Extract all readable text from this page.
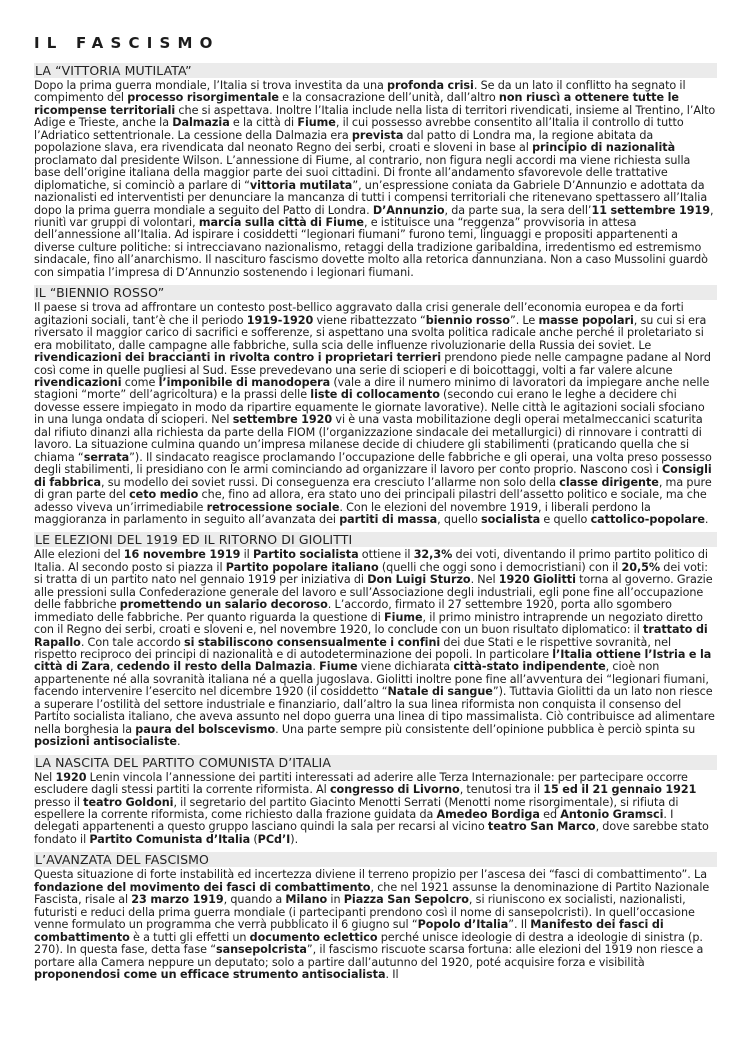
IL FASCISMO
LA “VITTORIA MUTILATA”
Dopo la prima guerra mondiale, l’Italia si trova investita da una profonda crisi. Se da un lato il conflitto ha segnato il compimento del processo risorgimentale e la consacrazione dell’unità, dall’altro non riuscì a ottenere tutte le ricompense territoriali che si aspettava. Inoltre l’Italia include nella lista di territori rivendicati, insieme al Trentino, l’Alto Adige e Trieste, anche la Dalmazia e la città di Fiume, il cui possesso avrebbe consentito all’Italia il controllo di tutto l’Adriatico settentrionale. La cessione della Dalmazia era prevista dal patto di Londra ma, la regione abitata da popolazione slava, era rivendicata dal neonato Regno dei serbi, croati e sloveni in base al principio di nazionalità proclamato dal presidente Wilson. L’annessione di Fiume, al contrario, non figura negli accordi ma viene richiesta sulla base dell’origine italiana della maggior parte dei suoi cittadini. Di fronte all’andamento sfavorevole delle trattative diplomatiche, si cominciò a parlare di “vittoria mutilata”, un’espressione coniata da Gabriele D’Annunzio e adottata da nazionalisti ed interventisti per denunciare la mancanza di tutti i compensi territoriali che ritenevano spettassero all’Italia dopo la prima guerra mondiale a seguito del Patto di Londra. D’Annunzio, da parte sua, la sera dell’11 settembre 1919, riunitì var gruppi di volontari, marcia sulla città di Fiume, e istituisce una “reggenza” provvisoria in attesa dell’annessione all’Italia. Ad ispirare i cosiddetti “legionari fiumani” furono temi, linguaggi e propositi appartenenti a diverse culture politiche: si intrecciavano nazionalismo, retaggi della tradizione garibaldina, irredentismo ed estremismo sindacale, fino all’anarchismo. Il nascituro fascismo dovette molto alla retorica dannunziana. Non a caso Mussolini guardò con simpatia l’impresa di D’Annunzio sostenendo i legionari fiumani.
IL “BIENNIO ROSSO”
Il paese si trova ad affrontare un contesto post-bellico aggravato dalla crisi generale dell’economia europea e da forti agitazioni sociali, tant’è che il periodo 1919-1920 viene ribattezzato “biennio rosso”. Le masse popolari, su cui si era riversato il maggior carico di sacrifici e sofferenze, si aspettano una svolta politica radicale anche perché il proletariato si era mobilitato, dalle campagne alle fabbriche, sulla scia delle influenze rivoluzionarie della Russia dei soviet. Le rivendicazioni dei braccianti in rivolta contro i proprietari terrieri prendono piede nelle campagne padane al Nord così come in quelle pugliesi al Sud. Esse prevedevano una serie di scioperi e di boicottaggi, volti a far valere alcune rivendicazioni come l’imponibile di manodopera (vale a dire il numero minimo di lavoratori da impiegare anche nelle stagioni “morte” dell’agricoltura) e la prassi delle liste di collocamento (secondo cui erano le leghe a decidere chi dovesse essere impiegato in modo da ripartire equamente le giornate lavorative). Nelle città le agitazioni sociali sfociano in una lunga ondata di scioperi. Nel settembre 1920 vi è una vasta mobilitazione degli operai metalmeccanici scaturita dal rifiuto dinanzi alla richiesta da parte della FIOM (l’organizzazione sindacale dei metallurgici) di rinnovare i contratti di lavoro. La situazione culmina quando un’impresa milanese decide di chiudere gli stabilimenti (praticando quella che si chiama “serrata”). Il sindacato reagisce proclamando l’occupazione delle fabbriche e gli operai, una volta preso possesso degli stabilimenti, li presidiano con le armi cominciando ad organizzare il lavoro per conto proprio. Nascono così i Consigli di fabbrica, su modello dei soviet russi. Di conseguenza era cresciuto l’allarme non solo della classe dirigente, ma pure di gran parte del ceto medio che, fino ad allora, era stato uno dei principali pilastri dell’assetto politico e sociale, ma che adesso viveva un’irrimediabile retrocessione sociale. Con le elezioni del novembre 1919, i liberali perdono la maggioranza in parlamento in seguito all’avanzata dei partiti di massa, quello socialista e quello cattolico-popolare.
LE ELEZIONI DEL 1919 ED IL RITORNO DI GIOLITTI
Alle elezioni del 16 novembre 1919 il Partito socialista ottiene il 32,3% dei voti, diventando il primo partito politico di Italia. Al secondo posto si piazza il Partito popolare italiano (quelli che oggi sono i democristiani) con il 20,5% dei voti: si tratta di un partito nato nel gennaio 1919 per iniziativa di Don Luigi Sturzo. Nel 1920 Giolitti torna al governo. Grazie alle pressioni sulla Confederazione generale del lavoro e sull’Associazione degli industriali, egli pone fine all’occupazione delle fabbriche promettendo un salario decoroso. L’accordo, firmato il 27 settembre 1920, porta allo sgombero immediato delle fabbriche. Per quanto riguarda la questione di Fiume, il primo ministro intraprende un negoziato diretto con il Regno dei serbi, croati e sloveni e, nel novembre 1920, lo conclude con un buon risultato diplomatico: il trattato di Rapallo. Con tale accordo si stabiliscono consensualmente i confini dei due Stati e le rispettive sovranità, nel rispetto reciproco dei principi di nazionalità e di autodeterminazione dei popoli. In particolare l’Italia ottiene l’Istria e la città di Zara, cedendo il resto della Dalmazia. Fiume viene dichiarata città-stato indipendente, cioè non appartenente né alla sovranità italiana né a quella jugoslava. Giolitti inoltre pone fine all’avventura dei “legionari fiumani, facendo intervenire l’esercito nel dicembre 1920 (il cosiddetto “Natale di sangue”). Tuttavia Giolitti da un lato non riesce a superare l’ostilità del settore industriale e finanziario, dall’altro la sua linea riformista non conquista il consenso del Partito socialista italiano, che aveva assunto nel dopo guerra una linea di tipo massimalista. Ciò contribuisce ad alimentare nella borghesia la paura del bolscevismo. Una parte sempre più consistente dell’opinione pubblica è perciò spinta su posizioni antisocialiste.
LA NASCITA DEL PARTITO COMUNISTA D’ITALIA
Nel 1920 Lenin vincola l’annessione dei partiti interessati ad aderire alle Terza Internazionale: per partecipare occorre escludere dagli stessi partiti la corrente riformista. Al congresso di Livorno, tenutosi tra il 15 ed il 21 gennaio 1921 presso il teatro Goldoni, il segretario del partito Giacinto Menotti Serrati (Menotti nome risorgimentale), si rifiuta di espellere la corrente riformista, come richiesto dalla frazione guidata da Amedeo Bordiga ed Antonio Gramsci. I delegati appartenenti a questo gruppo lasciano quindi la sala per recarsi al vicino teatro San Marco, dove sarebbe stato fondato il Partito Comunista d’Italia (PCd’I).
L’AVANZATA DEL FASCISMO
Questa situazione di forte instabilità ed incertezza diviene il terreno propizio per l’ascesa dei “fasci di combattimento”. La fondazione del movimento dei fasci di combattimento, che nel 1921 assunse la denominazione di Partito Nazionale Fascista, risale al 23 marzo 1919, quando a Milano in Piazza San Sepolcro, si riuniscono ex socialisti, nazionalisti, futuristi e reduci della prima guerra mondiale (i partecipanti prendono così il nome di sansepolcristi). In quell’occasione venne formulato un programma che verrà pubblicato il 6 giugno sul “Popolo d’Italia”. Il Manifesto dei fasci di combattimento è a tutti gli effetti un documento eclettico perché unisce ideologie di destra a ideologie di sinistra (p. 270). In questa fase, detta fase “sansepolcrista”, il fascismo riscuote scarsa fortuna: alle elezioni del 1919 non riesce a portare alla Camera neppure un deputato; solo a partire dall’autunno del 1920, poté acquisire forza e visibilità proponendosi come un efficace strumento antisocialista. Il
